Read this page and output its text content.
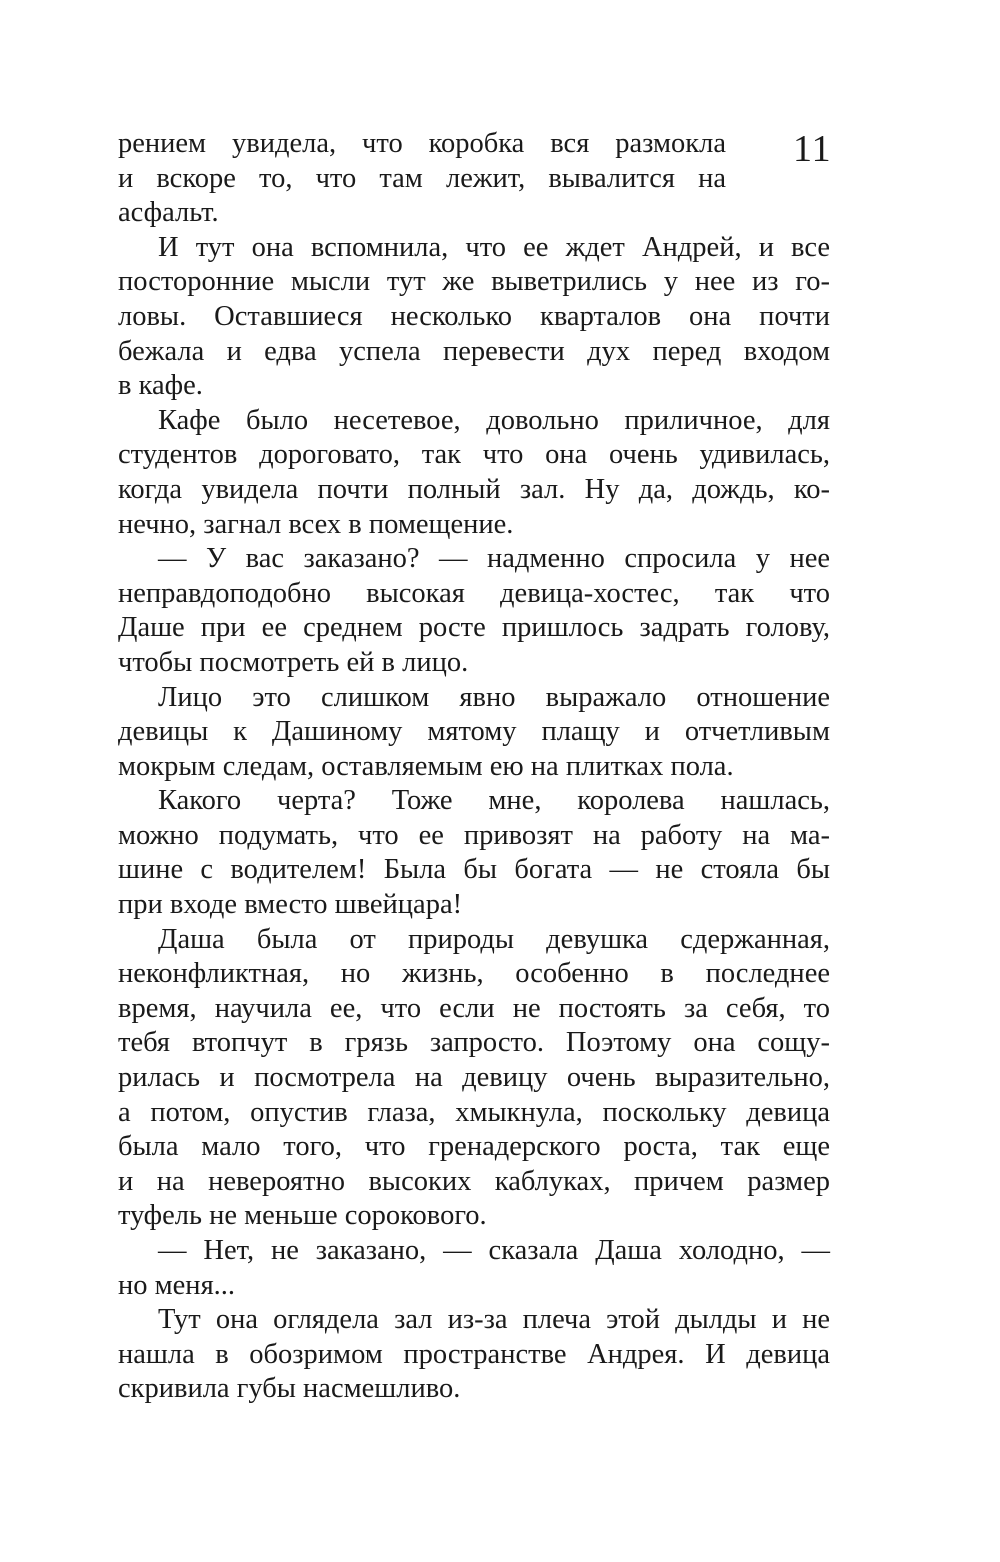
11
рением увидела, что коробка вся размокла
и вскоре то, что там лежит, вывалится на
асфальт.
И тут она вспомнила, что ее ждет Андрей, и все
посторонние мысли тут же выветрились у нее из го-
ловы. Оставшиеся несколько кварталов она почти
бежала и едва успела перевести дух перед входом
в кафе.
Кафе было несетевое, довольно приличное, для
студентов дороговато, так что она очень удивилась,
когда увидела почти полный зал. Ну да, дождь, ко-
нечно, загнал всех в помещение.
— У вас заказано? — надменно спросила у нее
неправдоподобно высокая девица-хостес, так что
Даше при ее среднем росте пришлось задрать голову,
чтобы посмотреть ей в лицо.
Лицо это слишком явно выражало отношение
девицы к Дашиному мятому плащу и отчетливым
мокрым следам, оставляемым ею на плитках пола.
Какого черта? Тоже мне, королева нашлась,
можно подумать, что ее привозят на работу на ма-
шине с водителем! Была бы богата — не стояла бы
при входе вместо швейцара!
Даша была от природы девушка сдержанная,
неконфликтная, но жизнь, особенно в последнее
время, научила ее, что если не постоять за себя, то
тебя втопчут в грязь запросто. Поэтому она сощу-
рилась и посмотрела на девицу очень выразительно,
а потом, опустив глаза, хмыкнула, поскольку девица
была мало того, что гренадерского роста, так еще
и на невероятно высоких каблуках, причем размер
туфель не меньше сорокового.
— Нет, не заказано, — сказала Даша холодно, —
но меня...
Тут она оглядела зал из-за плеча этой дылды и не
нашла в обозримом пространстве Андрея. И девица
скривила губы насмешливо.
